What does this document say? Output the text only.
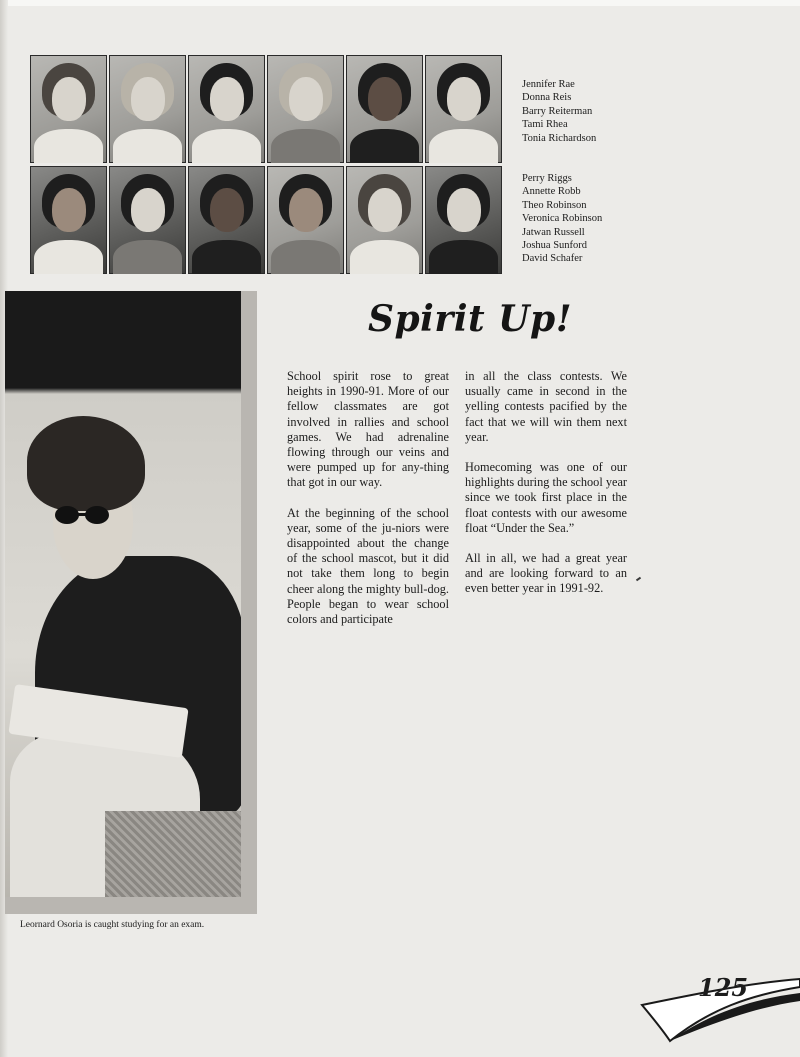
Jennifer Rae
Donna Reis
Barry Reiterman
Tami Rhea
Tonia Richardson
Perry Riggs
Annette Robb
Theo Robinson
Veronica Robinson
Jatwan Russell
Joshua Sunford
David Schafer
Leornard Osoria is caught studying for an exam.
Spirit Up!

School spirit rose to great heights in 1990-91. More of our fellow classmates are got involved in rallies and school games. We had adrenaline flowing through our veins and were pumped up for any-thing that got in our way.

At the beginning of the school year, some of the ju-niors were disappointed about the change of the school mascot, but it did not take them long to begin cheer along the mighty bull-dog. People began to wear school colors and participate

in all the class contests. We usually came in second in the yelling contests pacified by the fact that we will win them next year.

Homecoming was one of our highlights during the school year since we took first place in the float contests with our awesome float “Under the Sea.”

All in all, we had a great year and are looking forward to an even better year in 1991-92.

125
